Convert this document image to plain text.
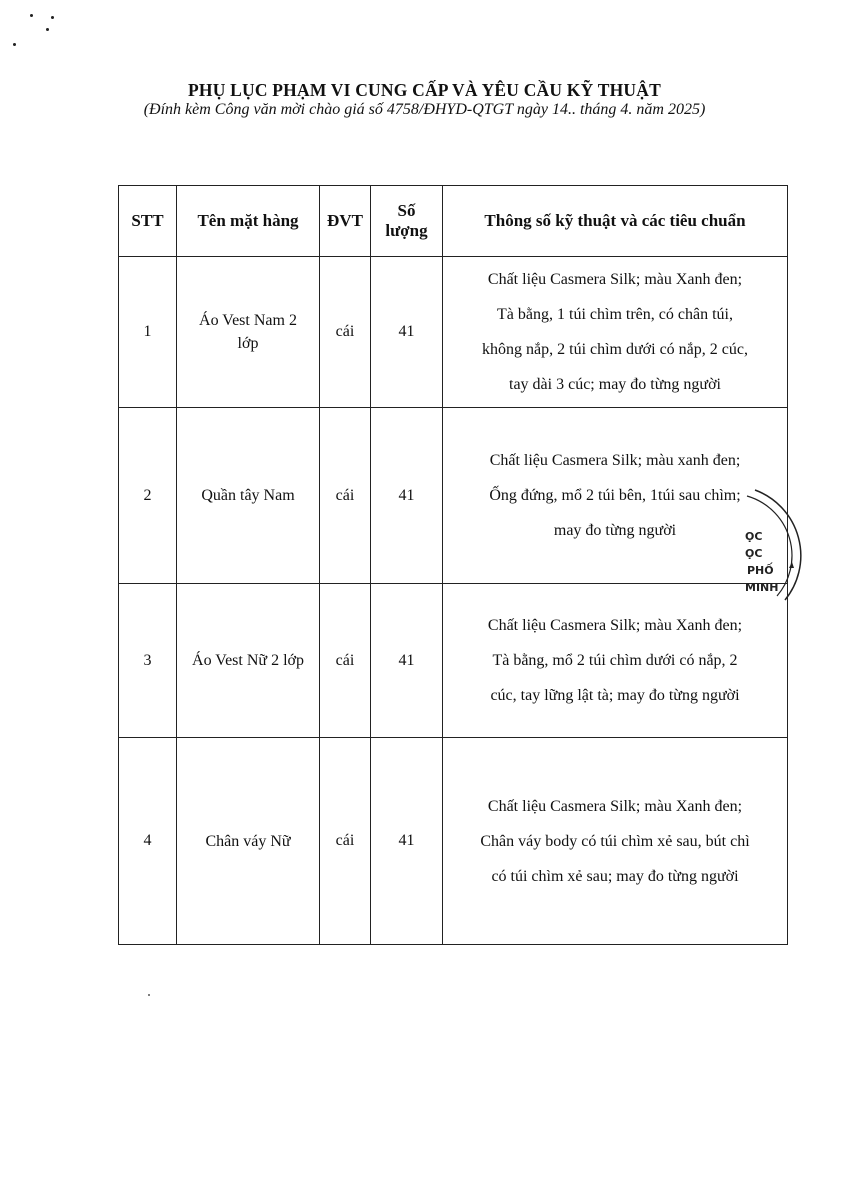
PHỤ LỤC PHẠM VI CUNG CẤP VÀ YÊU CẦU KỸ THUẬT
(Đính kèm Công văn mời chào giá số 4758/ĐHYD-QTGT ngày 14.. tháng 4. năm 2025)
STT	Tên mặt hàng	ĐVT	Số
lượng	Thông số kỹ thuật và các tiêu chuẩn
1	Áo Vest Nam 2
lớp	cái	41	Chất liệu Casmera Silk; màu Xanh đen;
Tà bằng, 1 túi chìm trên, có chân túi,
không nắp, 2 túi chìm dưới có nắp, 2 cúc,
tay dài 3 cúc; may đo từng người
2	Quần tây Nam	cái	41	Chất liệu Casmera Silk; màu xanh đen;
Ống đứng, mổ 2 túi bên, 1túi sau chìm;
may đo từng người
3	Áo Vest Nữ 2 lớp	cái	41	Chất liệu Casmera Silk; màu Xanh đen;
Tà bằng, mổ 2 túi chìm dưới có nắp, 2
cúc, tay lững lật tà; may đo từng người
4	Chân váy Nữ	cái	41	Chất liệu Casmera Silk; màu Xanh đen;
Chân váy body có túi chìm xẻ sau, bút chì
có túi chìm xẻ sau; may đo từng người
ỌC
ỌC
PHỐ
MINH
